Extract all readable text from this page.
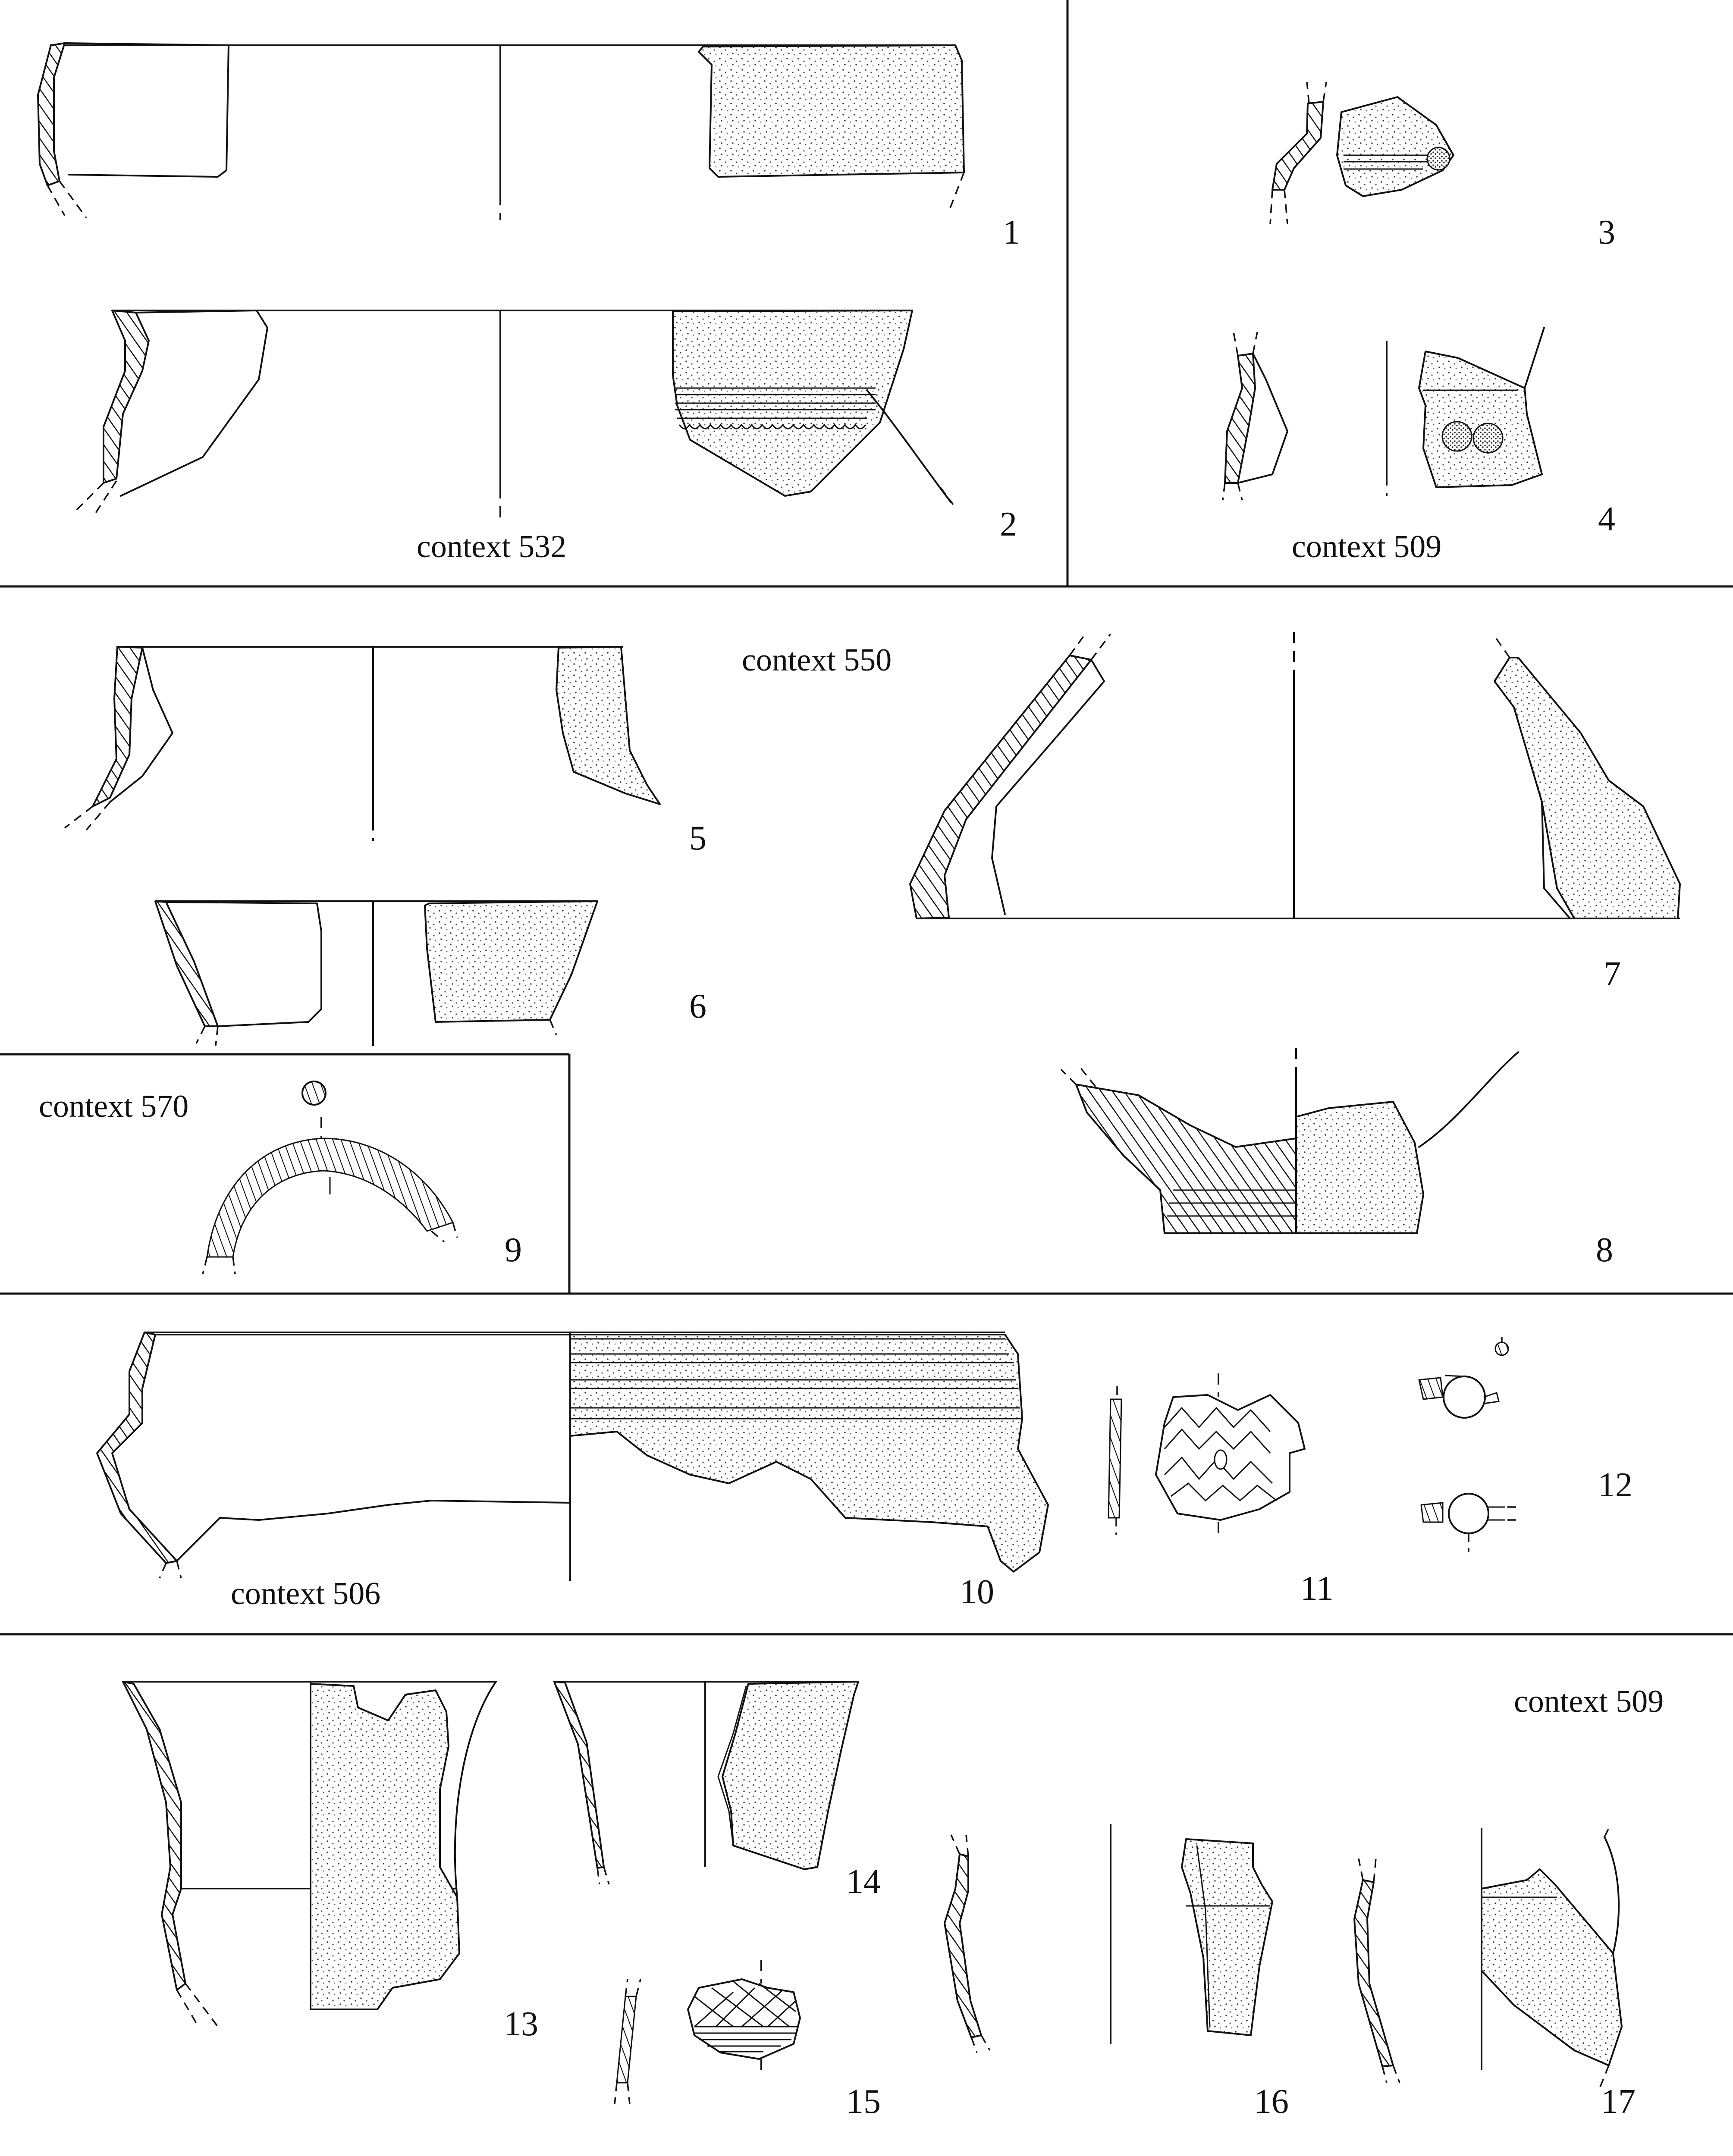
1
2
context 532
3
4
context 509
context 550
5
6
7
8
context 570
9
context 506	10	11
12
context 509
13
14
15	16	17
